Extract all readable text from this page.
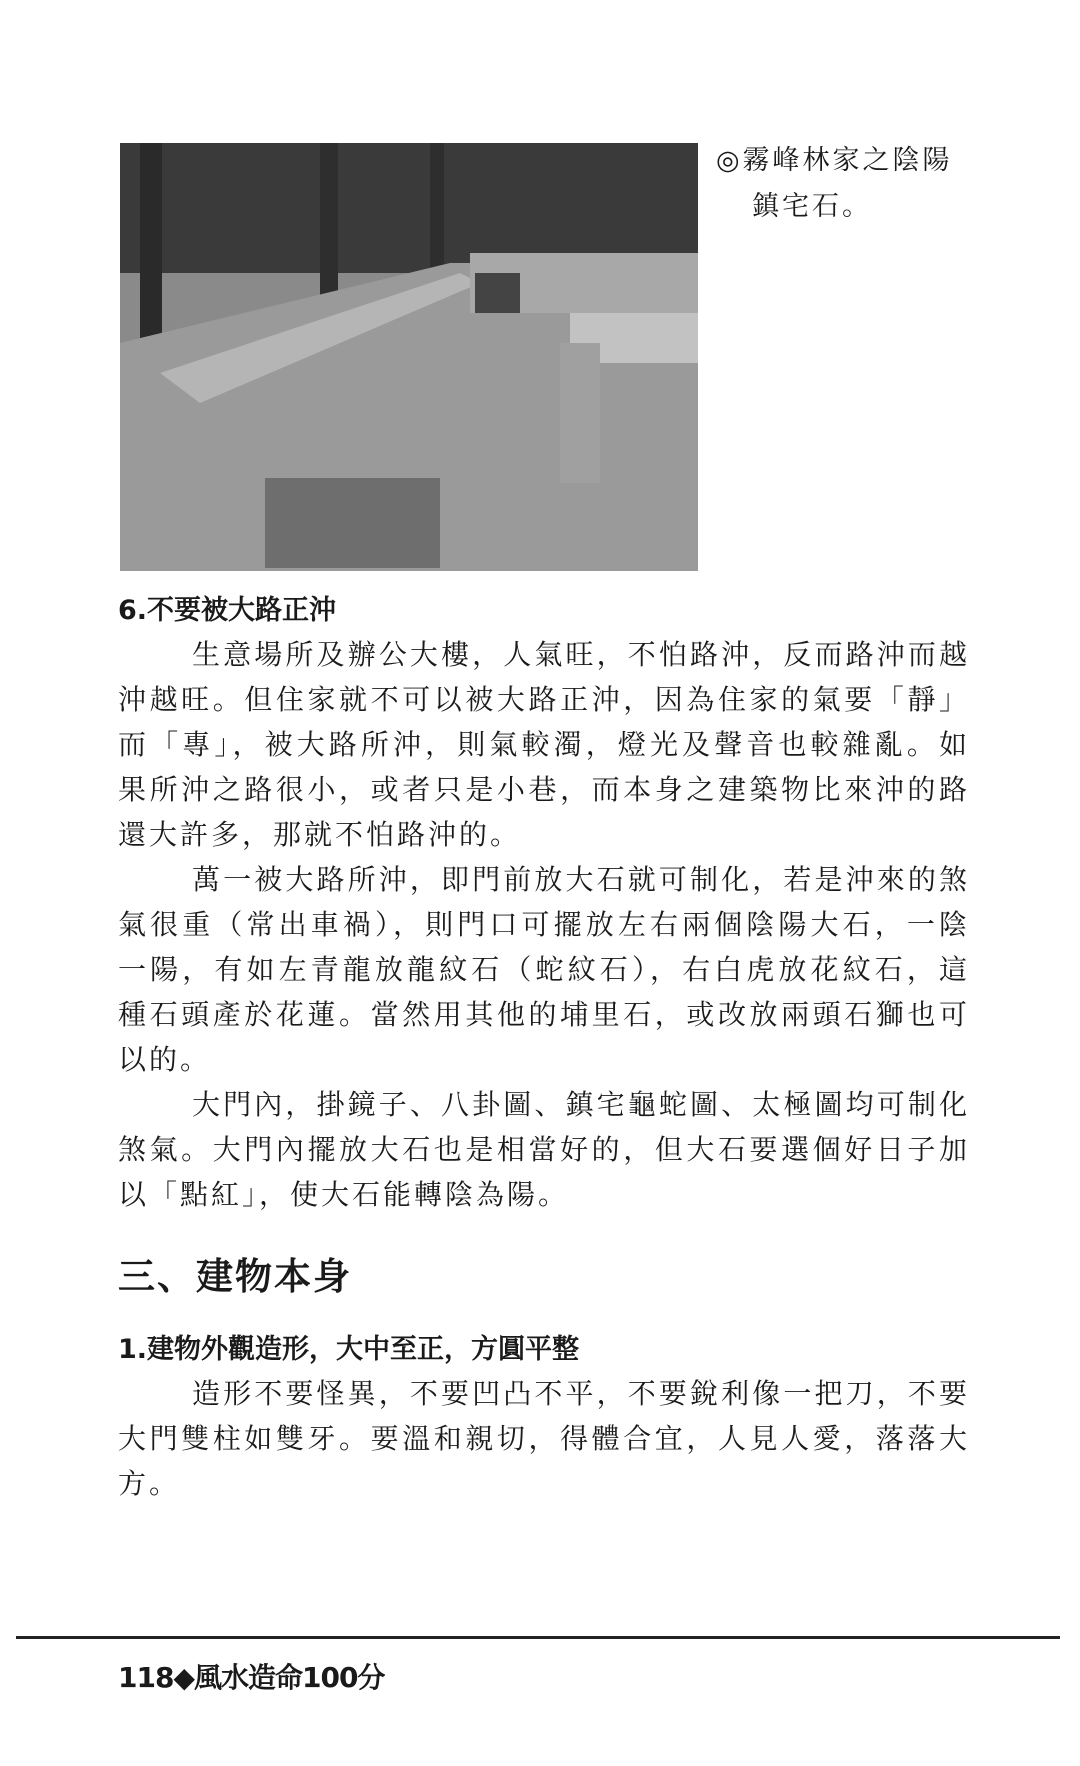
◎霧峰林家之陰陽
鎮宅石。

6.不要被大路正沖

生意場所及辦公大樓，人氣旺，不怕路沖，反而路沖而越沖越旺。但住家就不可以被大路正沖，因為住家的氣要「靜」而「專」，被大路所沖，則氣較濁，燈光及聲音也較雜亂。如果所沖之路很小，或者只是小巷，而本身之建築物比來沖的路還大許多，那就不怕路沖的。

萬一被大路所沖，即門前放大石就可制化，若是沖來的煞氣很重（常出車禍），則門口可擺放左右兩個陰陽大石，一陰一陽，有如左青龍放龍紋石（蛇紋石），右白虎放花紋石，這種石頭產於花蓮。當然用其他的埔里石，或改放兩頭石獅也可以的。

大門內，掛鏡子、八卦圖、鎮宅龜蛇圖、太極圖均可制化煞氣。大門內擺放大石也是相當好的，但大石要選個好日子加以「點紅」，使大石能轉陰為陽。

三、建物本身

1.建物外觀造形，大中至正，方圓平整

造形不要怪異，不要凹凸不平，不要銳利像一把刀，不要大門雙柱如雙牙。要溫和親切，得體合宜，人見人愛，落落大方。

118◆風水造命100分
